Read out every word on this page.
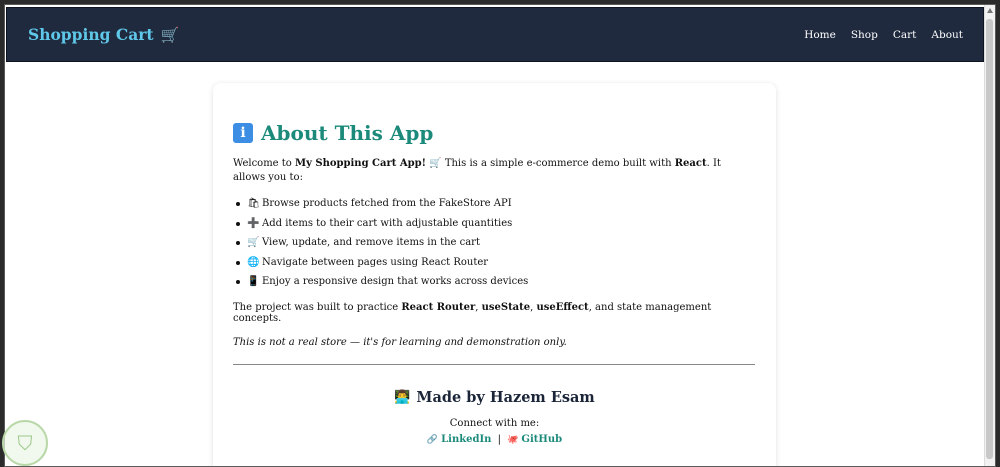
Shopping Cart 🛒	Home Shop Cart About
i About This App

Welcome to My Shopping Cart App! 🛒 This is a simple e-commerce demo built with React. It allows you to:

🛍 Browse products fetched from the FakeStore API
➕ Add items to their cart with adjustable quantities
🛒 View, update, and remove items in the cart
🌐 Navigate between pages using React Router
📱 Enjoy a responsive design that works across devices

The project was built to practice React Router, useState, useEffect, and state management concepts.

This is not a real store — it's for learning and demonstration only.

👨‍💻 Made by Hazem Esam

Connect with me:

🔗 LinkedIn | 🐙 GitHub

⛉
